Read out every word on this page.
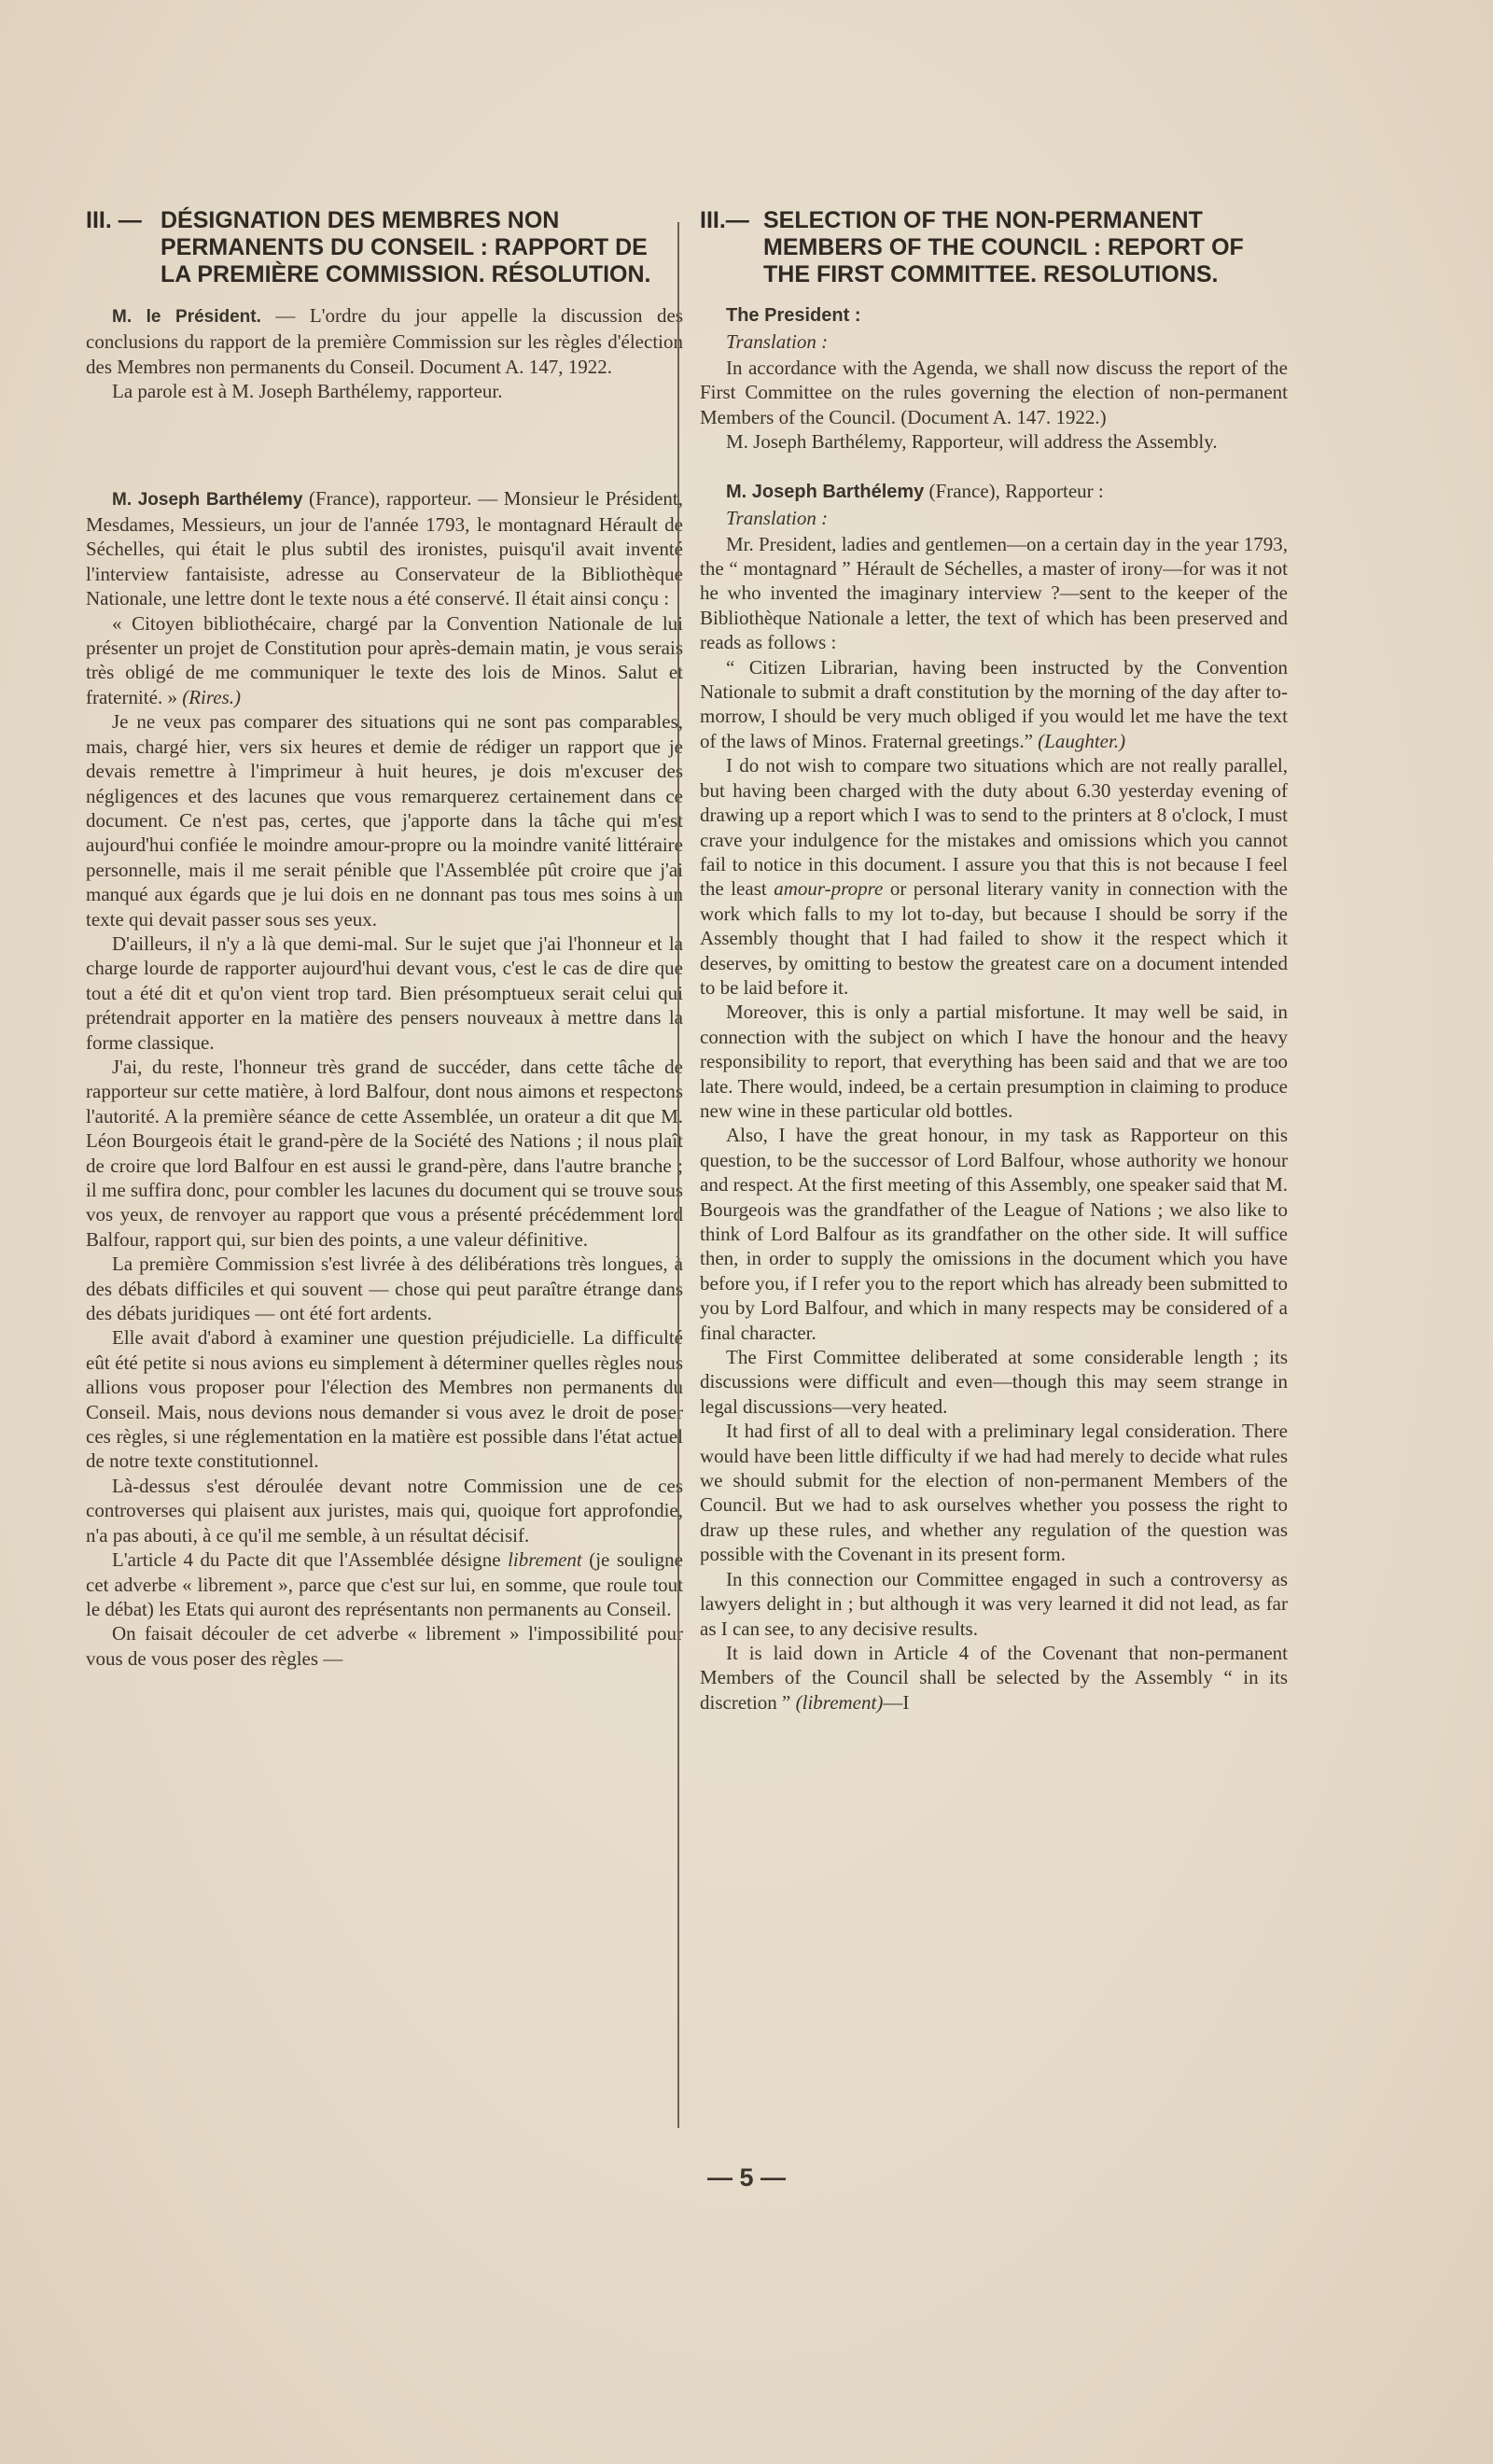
III. — DÉSIGNATION DES MEMBRES NON PERMANENTS DU CONSEIL : RAPPORT DE LA PREMIÈRE COMMISSION. RÉSOLUTION.

M. le Président. — L'ordre du jour appelle la discussion des conclusions du rapport de la première Commission sur les règles d'élection des Membres non permanents du Conseil. Document A. 147, 1922.

La parole est à M. Joseph Barthélemy, rapporteur.

M. Joseph Barthélemy (France), rapporteur. — Monsieur le Président, Mesdames, Messieurs, un jour de l'année 1793, le montagnard Hérault de Séchelles, qui était le plus subtil des ironistes, puisqu'il avait inventé l'interview fantaisiste, adresse au Conservateur de la Bibliothèque Nationale, une lettre dont le texte nous a été conservé. Il était ainsi conçu :

« Citoyen bibliothécaire, chargé par la Convention Nationale de lui présenter un projet de Constitution pour après-demain matin, je vous serais très obligé de me communiquer le texte des lois de Minos. Salut et fraternité. » (Rires.)

Je ne veux pas comparer des situations qui ne sont pas comparables, mais, chargé hier, vers six heures et demie de rédiger un rapport que je devais remettre à l'imprimeur à huit heures, je dois m'excuser des négligences et des lacunes que vous remarquerez certainement dans ce document. Ce n'est pas, certes, que j'apporte dans la tâche qui m'est aujourd'hui confiée le moindre amour-propre ou la moindre vanité littéraire personnelle, mais il me serait pénible que l'Assemblée pût croire que j'ai manqué aux égards que je lui dois en ne donnant pas tous mes soins à un texte qui devait passer sous ses yeux.

D'ailleurs, il n'y a là que demi-mal. Sur le sujet que j'ai l'honneur et la charge lourde de rapporter aujourd'hui devant vous, c'est le cas de dire que tout a été dit et qu'on vient trop tard. Bien présomptueux serait celui qui prétendrait apporter en la matière des pensers nouveaux à mettre dans la forme classique.

J'ai, du reste, l'honneur très grand de succéder, dans cette tâche de rapporteur sur cette matière, à lord Balfour, dont nous aimons et respectons l'autorité. A la première séance de cette Assemblée, un orateur a dit que M. Léon Bourgeois était le grand-père de la Société des Nations ; il nous plaît de croire que lord Balfour en est aussi le grand-père, dans l'autre branche ; il me suffira donc, pour combler les lacunes du document qui se trouve sous vos yeux, de renvoyer au rapport que vous a présenté précédemment lord Balfour, rapport qui, sur bien des points, a une valeur définitive.

La première Commission s'est livrée à des délibérations très longues, à des débats difficiles et qui souvent — chose qui peut paraître étrange dans des débats juridiques — ont été fort ardents.

Elle avait d'abord à examiner une question préjudicielle. La difficulté eût été petite si nous avions eu simplement à déterminer quelles règles nous allions vous proposer pour l'élection des Membres non permanents du Conseil. Mais, nous devions nous demander si vous avez le droit de poser ces règles, si une réglementation en la matière est possible dans l'état actuel de notre texte constitutionnel.

Là-dessus s'est déroulée devant notre Commission une de ces controverses qui plaisent aux juristes, mais qui, quoique fort approfondie, n'a pas abouti, à ce qu'il me semble, à un résultat décisif.

L'article 4 du Pacte dit que l'Assemblée désigne librement (je souligne cet adverbe « librement », parce que c'est sur lui, en somme, que roule tout le débat) les Etats qui auront des représentants non permanents au Conseil.

On faisait découler de cet adverbe « librement » l'impossibilité pour vous de vous poser des règles —

III.— SELECTION OF THE NON-PERMANENT MEMBERS OF THE COUNCIL : REPORT OF THE FIRST COMMITTEE. RESOLUTIONS.
The President :
Translation :

In accordance with the Agenda, we shall now discuss the report of the First Committee on the rules governing the election of non-permanent Members of the Council. (Document A. 147. 1922.)

M. Joseph Barthélemy, Rapporteur, will address the Assembly.

M. Joseph Barthélemy (France), Rapporteur :
Translation :

Mr. President, ladies and gentlemen—on a certain day in the year 1793, the “ montagnard ” Hérault de Séchelles, a master of irony—for was it not he who invented the imaginary interview ?—sent to the keeper of the Bibliothèque Nationale a letter, the text of which has been preserved and reads as follows :

“ Citizen Librarian, having been instructed by the Convention Nationale to submit a draft constitution by the morning of the day after to-morrow, I should be very much obliged if you would let me have the text of the laws of Minos. Fraternal greetings.” (Laughter.)

I do not wish to compare two situations which are not really parallel, but having been charged with the duty about 6.30 yesterday evening of drawing up a report which I was to send to the printers at 8 o'clock, I must crave your indulgence for the mistakes and omissions which you cannot fail to notice in this document. I assure you that this is not because I feel the least amour-propre or personal literary vanity in connection with the work which falls to my lot to-day, but because I should be sorry if the Assembly thought that I had failed to show it the respect which it deserves, by omitting to bestow the greatest care on a document intended to be laid before it.

Moreover, this is only a partial misfortune. It may well be said, in connection with the subject on which I have the honour and the heavy responsibility to report, that everything has been said and that we are too late. There would, indeed, be a certain presumption in claiming to produce new wine in these particular old bottles.

Also, I have the great honour, in my task as Rapporteur on this question, to be the successor of Lord Balfour, whose authority we honour and respect. At the first meeting of this Assembly, one speaker said that M. Bourgeois was the grandfather of the League of Nations ; we also like to think of Lord Balfour as its grandfather on the other side. It will suffice then, in order to supply the omissions in the document which you have before you, if I refer you to the report which has already been submitted to you by Lord Balfour, and which in many respects may be considered of a final character.

The First Committee deliberated at some considerable length ; its discussions were difficult and even—though this may seem strange in legal discussions—very heated.

It had first of all to deal with a preliminary legal consideration. There would have been little difficulty if we had had merely to decide what rules we should submit for the election of non-permanent Members of the Council. But we had to ask ourselves whether you possess the right to draw up these rules, and whether any regulation of the question was possible with the Covenant in its present form.

In this connection our Committee engaged in such a controversy as lawyers delight in ; but although it was very learned it did not lead, as far as I can see, to any decisive results.

It is laid down in Article 4 of the Covenant that non-permanent Members of the Council shall be selected by the Assembly “ in its discretion ” (librement)—I

— 5 —
